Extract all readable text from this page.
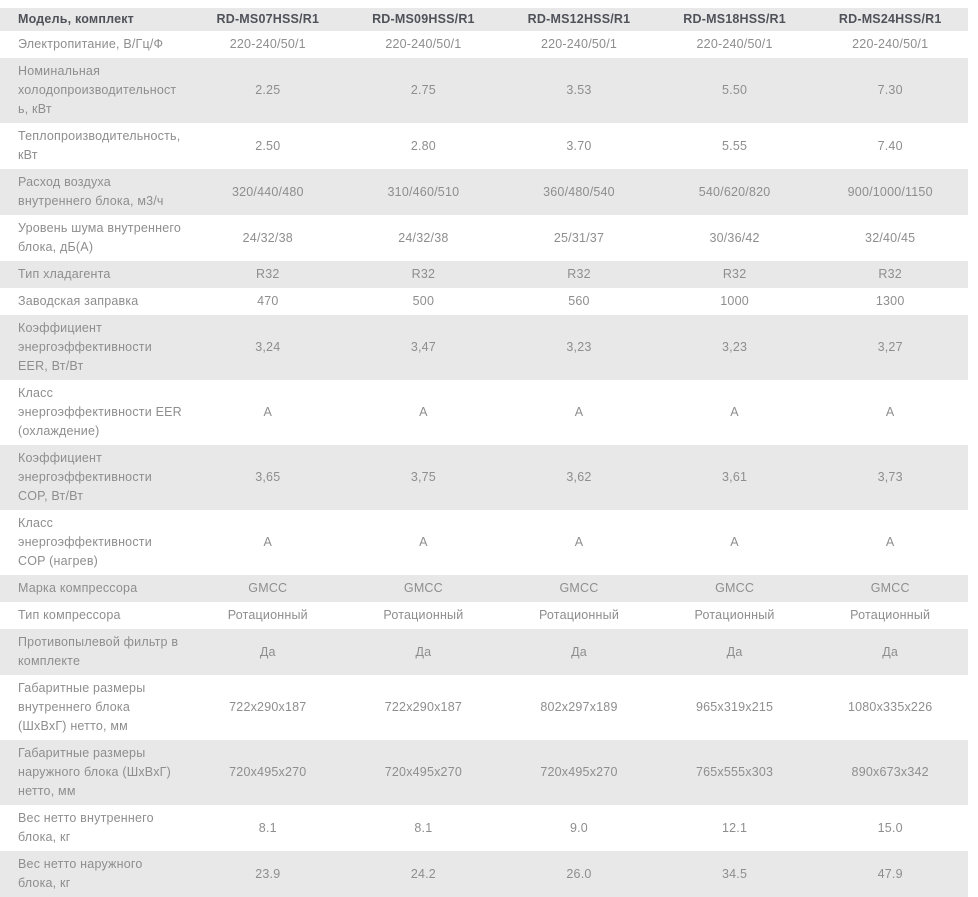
Модель, комплект	RD-MS07HSS/R1	RD-MS09HSS/R1	RD-MS12HSS/R1	RD-MS18HSS/R1	RD-MS24HSS/R1
Электропитание, В/Гц/Ф	220-240/50/1	220-240/50/1	220-240/50/1	220-240/50/1	220-240/50/1
Номинальная холодопроизводительность, кВт	2.25	2.75	3.53	5.50	7.30
Теплопроизводительность, кВт	2.50	2.80	3.70	5.55	7.40
Расход воздуха внутреннего блока, м3/ч	320/440/480	310/460/510	360/480/540	540/620/820	900/1000/1150
Уровень шума внутреннего блока, дБ(А)	24/32/38	24/32/38	25/31/37	30/36/42	32/40/45
Тип хладагента	R32	R32	R32	R32	R32
Заводская заправка	470	500	560	1000	1300
Коэффициент энергоэффективности EER, Вт/Вт	3,24	3,47	3,23	3,23	3,27
Класс энергоэффективности EER (охлаждение)	A	A	A	A	A
Коэффициент энергоэффективности COP, Вт/Вт	3,65	3,75	3,62	3,61	3,73
Класс энергоэффективности COP (нагрев)	A	A	A	A	A
Марка компрессора	GMCC	GMCC	GMCC	GMCC	GMCC
Тип компрессора	Ротационный	Ротационный	Ротационный	Ротационный	Ротационный
Противопылевой фильтр в комплекте	Да	Да	Да	Да	Да
Габаритные размеры внутреннего блока (ШхВхГ) нетто, мм	722x290x187	722x290x187	802x297x189	965x319x215	1080x335x226
Габаритные размеры наружного блока (ШхВхГ) нетто, мм	720x495x270	720x495x270	720x495x270	765x555x303	890x673x342
Вес нетто внутреннего блока, кг	8.1	8.1	9.0	12.1	15.0
Вес нетто наружного блока, кг	23.9	24.2	26.0	34.5	47.9
